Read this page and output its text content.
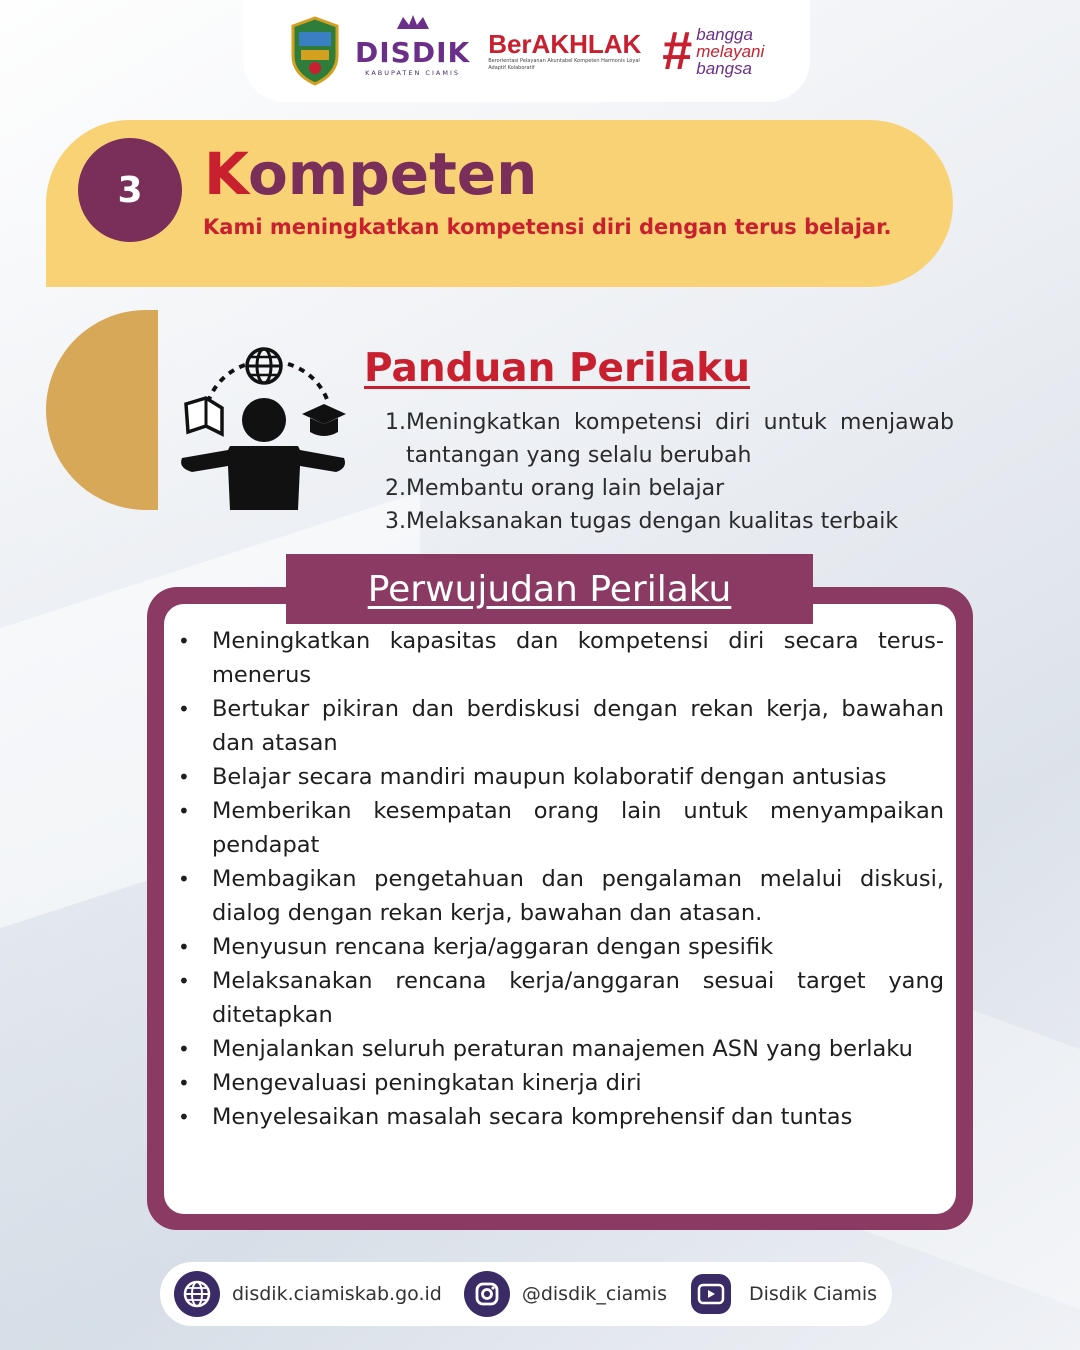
DISDIK
KABUPATEN CIAMIS
BerAKHLAK
Berorientasi Pelayanan Akuntabel Kompeten Harmonis Loyal Adaptif Kolaboratif	# bangga
melayani
bangsa
3	Kompeten
Kami meningkatkan kompetensi diri dengan terus belajar.
Panduan Perilaku
1. Meningkatkan kompetensi diri untuk menjawab tantangan yang selalu berubah
2. Membantu orang lain belajar
3. Melaksanakan tugas dengan kualitas terbaik
Perwujudan Perilaku
• Meningkatkan kapasitas dan kompetensi diri secara terus-menerus
• Bertukar pikiran dan berdiskusi dengan rekan kerja, bawahan dan atasan
• Belajar secara mandiri maupun kolaboratif dengan antusias
• Memberikan kesempatan orang lain untuk menyampaikan pendapat
• Membagikan pengetahuan dan pengalaman melalui diskusi, dialog dengan rekan kerja, bawahan dan atasan.
• Menyusun rencana kerja/aggaran dengan spesifik
• Melaksanakan rencana kerja/anggaran sesuai target yang ditetapkan
• Menjalankan seluruh peraturan manajemen ASN yang berlaku
• Mengevaluasi peningkatan kinerja diri
• Menyelesaikan masalah secara komprehensif dan tuntas
disdik.ciamiskab.go.id	@disdik_ciamis	Disdik Ciamis
